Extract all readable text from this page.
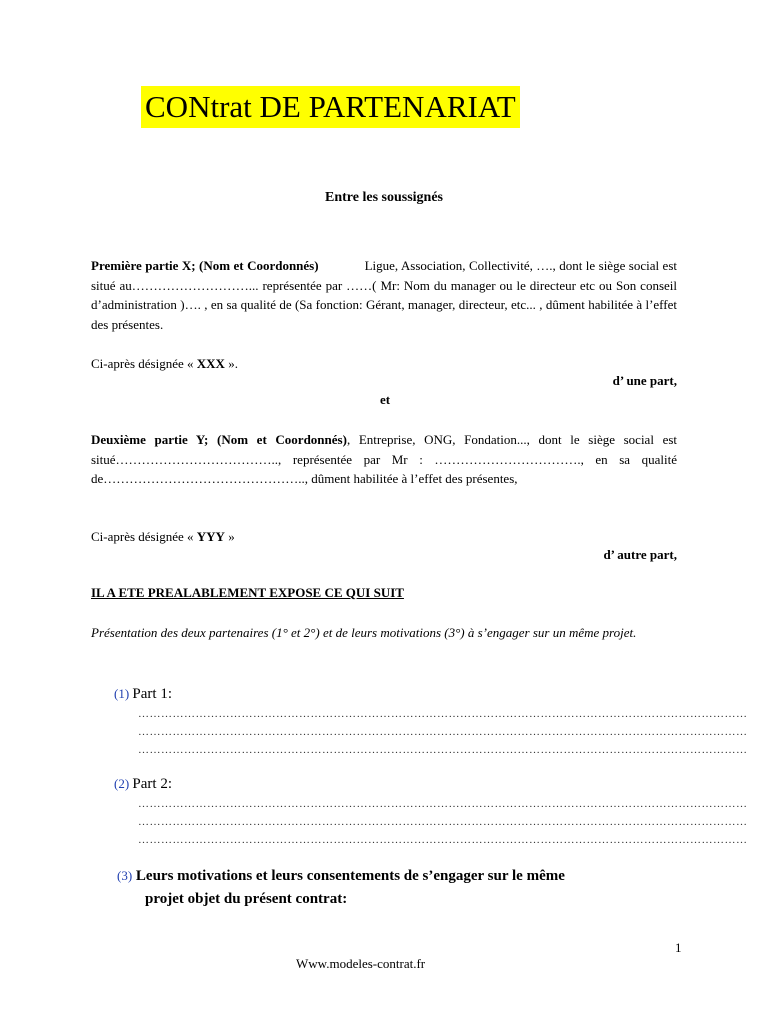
CONtrat DE PARTENARIAT
Entre les soussignés
Première partie X; (Nom et Coordonnés)	Ligue, Association, Collectivité, …., dont le siège social est situé au………………………... représentée par ……( Mr: Nom du manager ou le directeur etc ou Son conseil d’administration )…. , en sa qualité de (Sa fonction: Gérant, manager, directeur, etc... , dûment habilitée à l’effet des présentes.
Ci-après désignée « XXX ».
d’ une part,
et
Deuxième partie Y; (Nom et Coordonnés), Entreprise, ONG, Fondation..., dont le siège social est situé……………………………….., représentée par Mr : ……………………………., en sa qualité de……………………………………….., dûment habilitée à l’effet des présentes,
Ci-après désignée « YYY »
d’ autre part,
IL A ETE PREALABLEMENT EXPOSE CE QUI SUIT
Présentation des deux partenaires (1° et 2°) et de leurs motivations (3°) à s’engager sur un même projet.
(1) Part 1:
……………………………………………………………………………………………………………………………………………
……………………………………………………………………………………………………………………………………………
……………………………………………………………………………………………………………………………………………
(2) Part 2:
……………………………………………………………………………………………………………………………………………
……………………………………………………………………………………………………………………………………………
……………………………………………………………………………………………………………………………………………
(3) Leurs motivations et leurs consentements de s’engager sur le même
projet objet du présent contrat:
1
Www.modeles-contrat.fr
